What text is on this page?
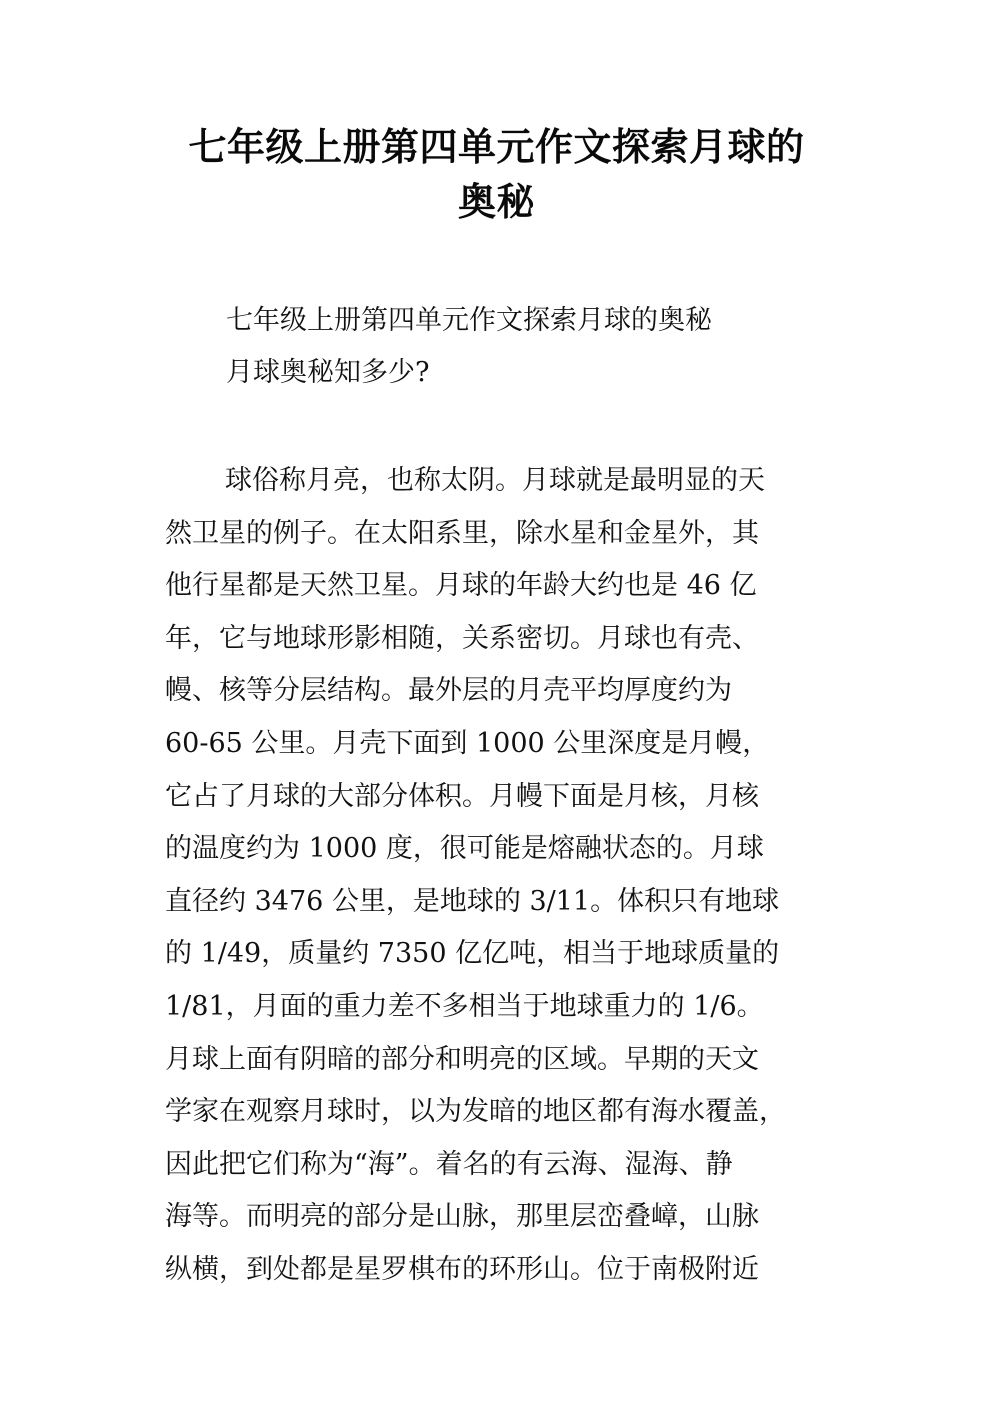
七年级上册第四单元作文探索月球的
奥秘
七年级上册第四单元作文探索月球的奥秘
月球奥秘知多少?
球俗称月亮，也称太阴。月球就是最明显的天
然卫星的例子。在太阳系里，除水星和金星外，其
他行星都是天然卫星。月球的年龄大约也是 46 亿
年，它与地球形影相随，关系密切。月球也有壳、
幔、核等分层结构。最外层的月壳平均厚度约为
60-65 公里。月壳下面到 1000 公里深度是月幔，
它占了月球的大部分体积。月幔下面是月核，月核
的温度约为 1000 度，很可能是熔融状态的。月球
直径约 3476 公里，是地球的 3/11。体积只有地球
的 1/49，质量约 7350 亿亿吨，相当于地球质量的
1/81，月面的重力差不多相当于地球重力的 1/6。
月球上面有阴暗的部分和明亮的区域。早期的天文
学家在观察月球时，以为发暗的地区都有海水覆盖，
因此把它们称为“海”。着名的有云海、湿海、静
海等。而明亮的部分是山脉，那里层峦叠嶂，山脉
纵横，到处都是星罗棋布的环形山。位于南极附近
